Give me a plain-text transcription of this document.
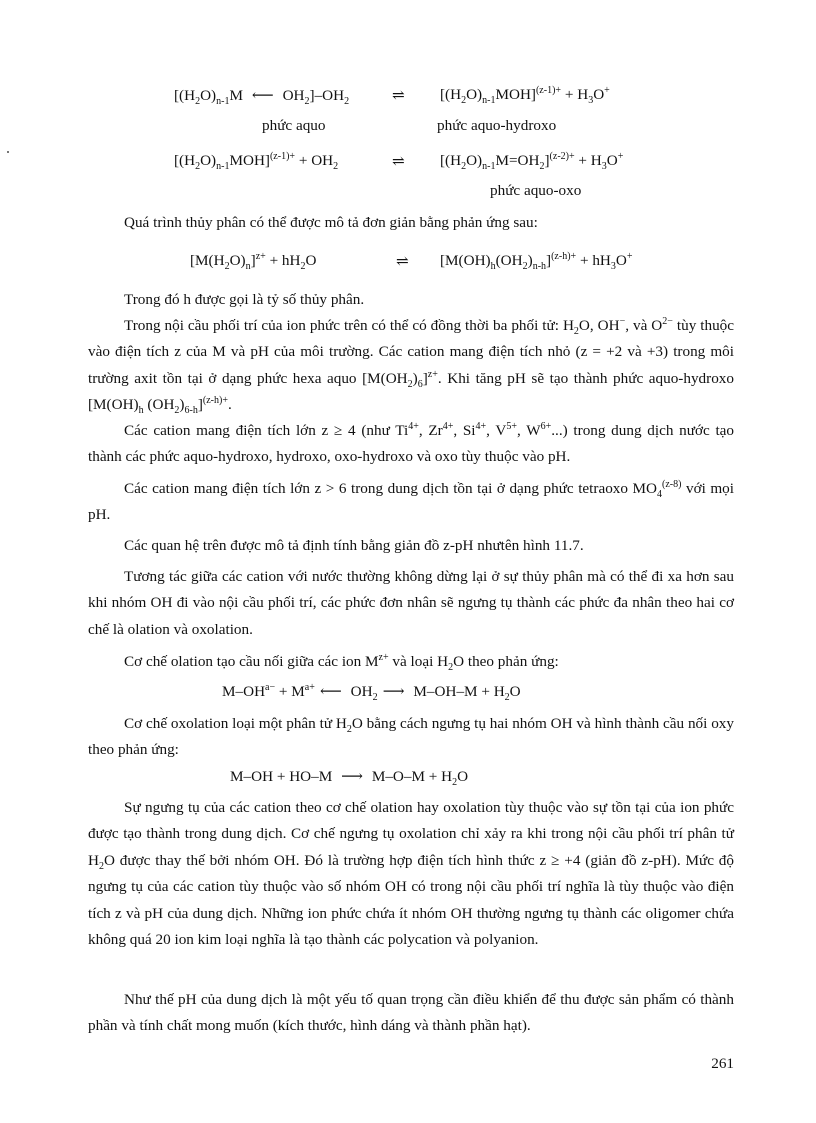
[$(H_2O)_{n-1}M$ ⟵ $OH_2]-OH_2$	⇌ $[(H_2O)_{n-1}MOH]^{(z-1)+} + H_3O^+$
phức aquo	phức aquo-hydroxo
$[(H_2O)_{n-1}MOH]^{(z-1)+} + OH_2$	⇌ $[(H_2O)_{n-1}M=OH_2]^{(z-2)+} + H_3O^+$
phức aquo-oxo

Quá trình thủy phân có thể được mô tả đơn giản bằng phản ứng sau:

$[M(H_2O)_n]^{z+} + hH_2O$	⇌ $[M(OH)_h(OH_2)_{n-h}]^{(z-h)+} + hH_3O^+$

Trong đó h được gọi là tỷ số thủy phân.

Trong nội cầu phối trí của ion phức trên có thể có đồng thời ba phối tử: $H_2O$, OH−, và $O^{2-}$ tùy thuộc vào điện tích z của M và pH của môi trường. Các cation mang điện tích nhỏ (z = +2 và +3) trong môi trường axit tồn tại ở dạng phức hexa aquo $[M(OH_2)_6]^{z+}$. Khi tăng pH sẽ tạo thành phức aquo-hydroxo [$M(OH)_h$ $(OH_2)_{6-h}]^{(z-h)+}$.

Các cation mang điện tích lớn z ≥ 4 (như $Ti^{4+}$, $Zr^{4+}$, $Si^{4+}$, $V^{5+}$, $W^{6+}$...) trong dung dịch nước tạo thành các phức aquo-hydroxo, hydroxo, oxo-hydroxo và oxo tùy thuộc vào pH.

Các cation mang điện tích lớn z > 6 trong dung dịch tồn tại ở dạng phức tetraoxo $MO_4^{(z-8)}$ với mọi pH.

Các quan hệ trên được mô tả định tính bằng giản đồ z-pH nhưtên hình 11.7.

Tương tác giữa các cation với nước thường không dừng lại ở sự thủy phân mà có thể đi xa hơn sau khi nhóm OH đi vào nội cầu phối trí, các phức đơn nhân sẽ ngưng tụ thành các phức đa nhân theo hai cơ chế là olation và oxolation.

Cơ chế olation tạo cầu nối giữa các ion $M^{z+}$ và loại $H_2O$ theo phản ứng:

$M-OH^{a-} + M^{a+}$ ⟵ $OH_2$ ⟶ $M-OH-M + H_2O$

Cơ chế oxolation loại một phân tử $H_2O$ bằng cách ngưng tụ hai nhóm OH và hình thành cầu nối oxy theo phản ứng:

M–OH + HO–M ⟶ $M-O-M + H_2O$

Sự ngưng tụ của các cation theo cơ chế olation hay oxolation tùy thuộc vào sự tồn tại của ion phức được tạo thành trong dung dịch. Cơ chế ngưng tụ oxolation chỉ xảy ra khi trong nội cầu phối trí phân tử $H_2O$ được thay thế bởi nhóm OH. Đó là trường hợp điện tích hình thức z ≥ +4 (giản đồ z-pH). Mức độ ngưng tụ của các cation tùy thuộc vào số nhóm OH có trong nội cầu phối trí nghĩa là tùy thuộc vào điện tích z và pH của dung dịch. Những ion phức chứa ít nhóm OH thường ngưng tụ thành các oligomer chứa không quá 20 ion kim loại nghĩa là tạo thành các polycation và polyanion.

Như thế pH của dung dịch là một yếu tố quan trọng cần điều khiển để thu được sản phẩm có thành phần và tính chất mong muốn (kích thước, hình dáng và thành phần hạt).

261
